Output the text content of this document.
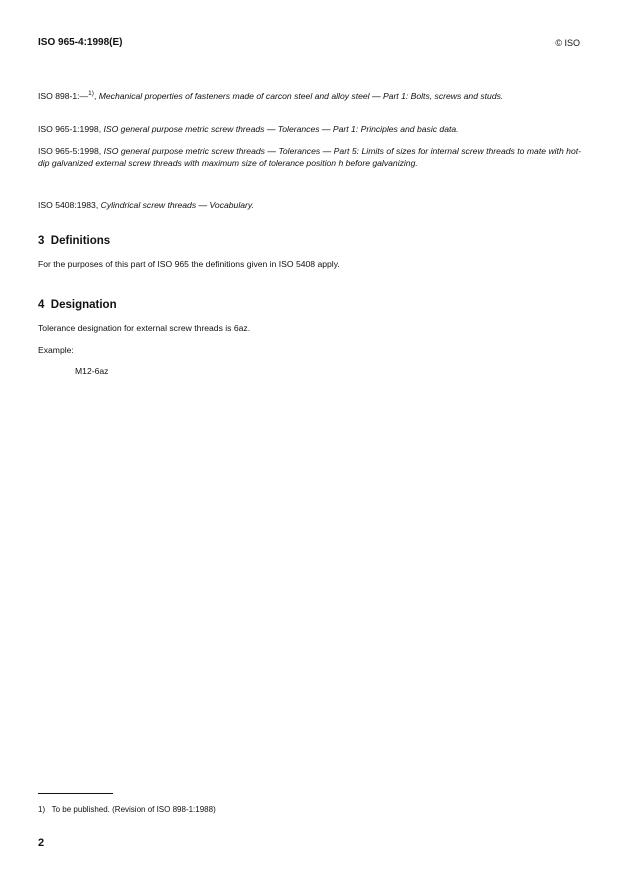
ISO 965-4:1998(E)	© ISO
ISO 898-1:—$^{1)}$, Mechanical properties of fasteners made of carcon steel and alloy steel — Part 1: Bolts, screws and studs.
ISO 965-1:1998, ISO general purpose metric screw threads — Tolerances — Part 1: Principles and basic data.
ISO 965-5:1998, ISO general purpose metric screw threads — Tolerances — Part 5: Limits of sizes for internal screw threads to mate with hot-dip galvanized external screw threads with maximum size of tolerance position h before galvanizing.
ISO 5408:1983, Cylindrical screw threads — Vocabulary.
3  Definitions
For the purposes of this part of ISO 965 the definitions given in ISO 5408 apply.
4  Designation
Tolerance designation for external screw threads is 6az.
Example:
M12-6az
1)   To be published. (Revision of ISO 898-1:1988)
2
